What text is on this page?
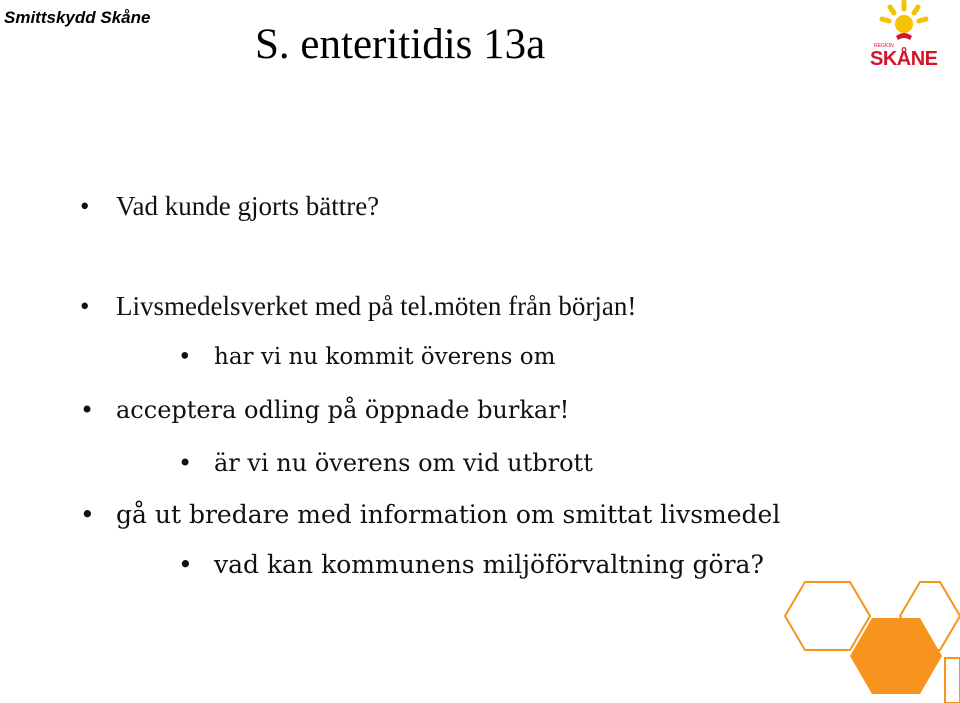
Smittskydd Skåne
S. enteritidis 13a	REGION
SKÅNE
• Vad kunde gjorts bättre?
• Livsmedelsverket med på tel.möten från början!
• har vi nu kommit överens om
• acceptera odling på öppnade burkar!
• är vi nu överens om vid utbrott
• gå ut bredare med information om smittat livsmedel
• vad kan kommunens miljöförvaltning göra?
